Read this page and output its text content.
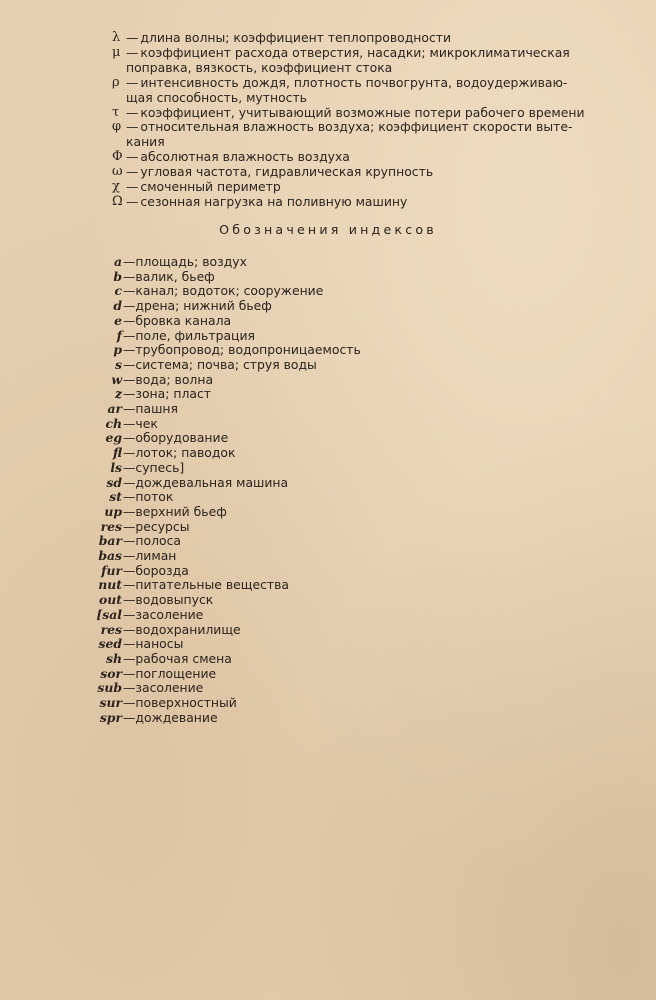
λ — длина волны; коэффициент теплопроводности
μ — коэффициент расхода отверстия, насадки; микроклиматическая
поправка, вязкость, коэффициент стока
ρ — интенсивность дождя, плотность почвогрунта, водоудерживаю-
щая способность, мутность
τ — коэффициент, учитывающий возможные потери рабочего времени
φ — относительная влажность воздуха; коэффициент скорости выте-
кания
Φ — абсолютная влажность воздуха
ω — угловая частота, гидравлическая крупность
χ — смоченный периметр
Ω — сезонная нагрузка на поливную машину
Обозначения индексов
a —площадь; воздух
b —валик, бьеф
c —канал; водоток; сооружение
d —дрена; нижний бьеф
e —бровка канала
f —поле, фильтрация
p —трубопровод; водопроницаемость
s —система; почва; струя воды
w —вода; волна
z —зона; пласт
ar —пашня
ch —чек
eg —оборудование
fl —лоток; паводок
ls —супесь]
sd —дождевальная машина
st —поток
up —верхний бьеф
res —ресурсы
bar —полоса
bas —лиман
fur —борозда
nut —питательные вещества
out —водовыпуск
[sal —засоление
res —водохранилище
sed —наносы
sh —рабочая смена
sor —поглощение
sub —засоление
sur —поверхностный
spr —дождевание
